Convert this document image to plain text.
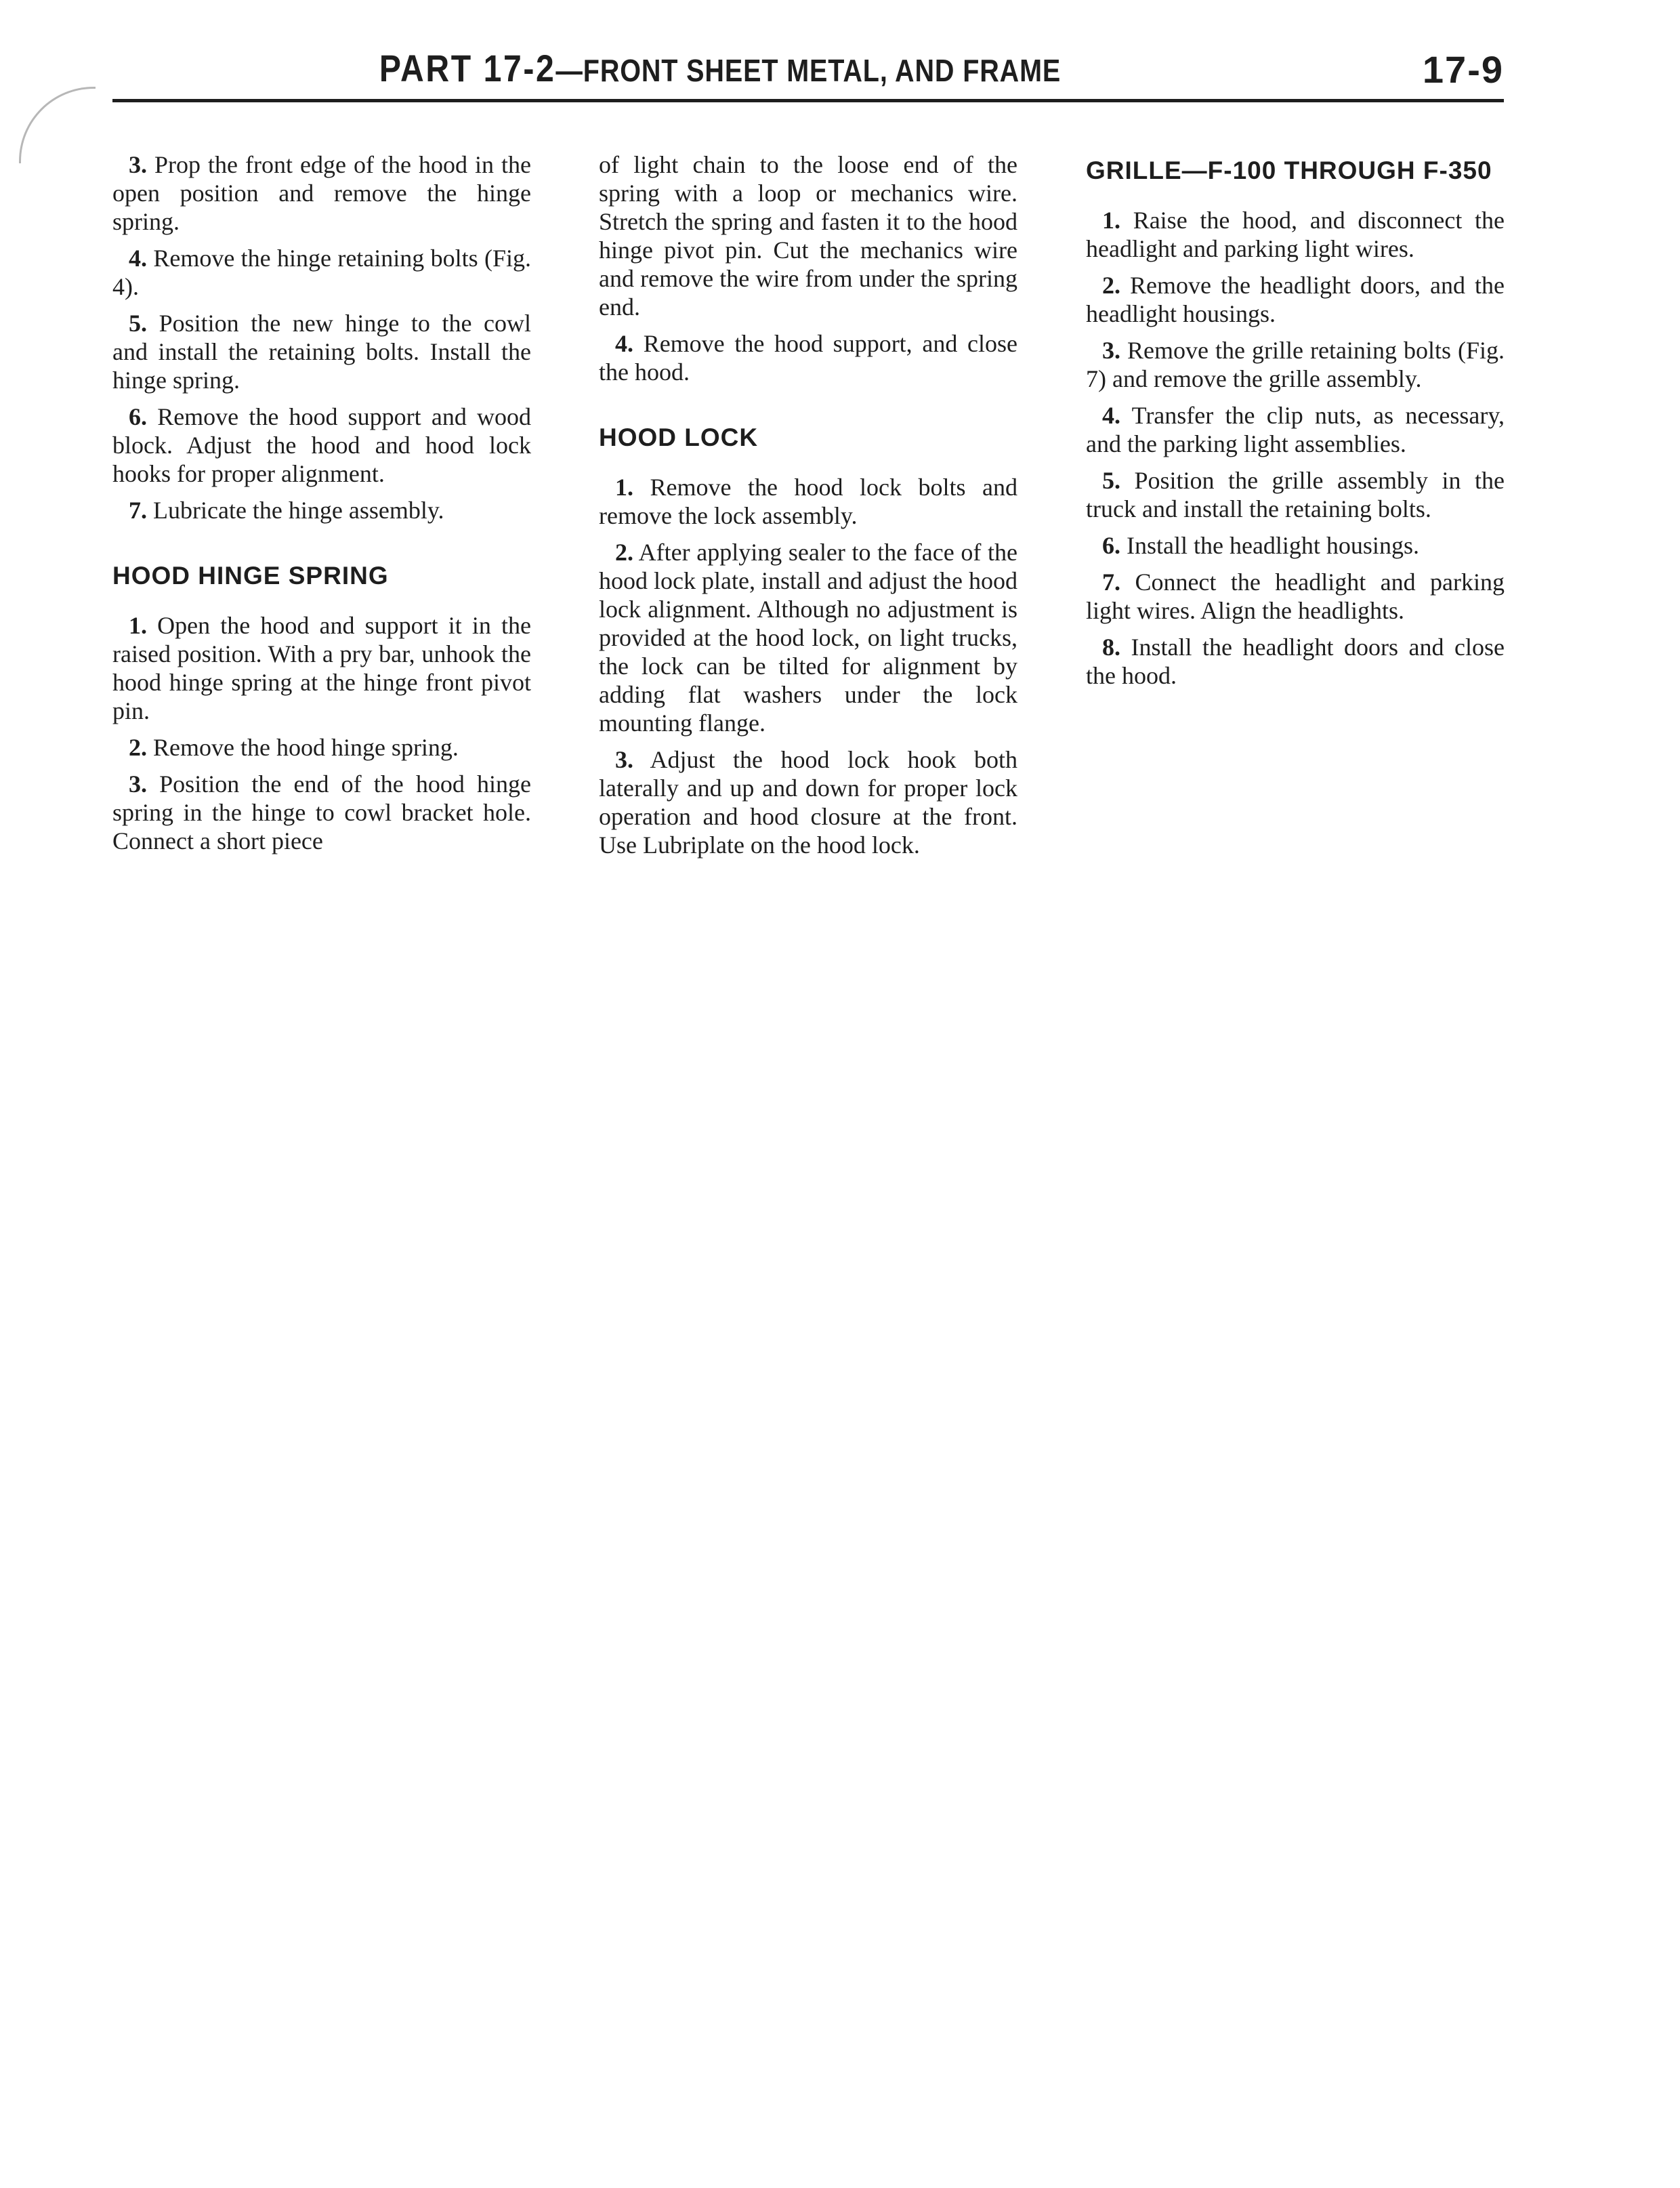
PART 17-2—FRONT SHEET METAL, AND FRAME	17-9

3. Prop the front edge of the hood in the open position and remove the hinge spring.

4. Remove the hinge retaining bolts (Fig. 4).

5. Position the new hinge to the cowl and install the retaining bolts. Install the hinge spring.

6. Remove the hood support and wood block. Adjust the hood and hood lock hooks for proper alignment.

7. Lubricate the hinge assembly.

HOOD HINGE SPRING

1. Open the hood and support it in the raised position. With a pry bar, unhook the hood hinge spring at the hinge front pivot pin.

2. Remove the hood hinge spring.

3. Position the end of the hood hinge spring in the hinge to cowl bracket hole. Connect a short piece

of light chain to the loose end of the spring with a loop or mechanics wire. Stretch the spring and fasten it to the hood hinge pivot pin. Cut the mechanics wire and remove the wire from under the spring end.

4. Remove the hood support, and close the hood.

HOOD LOCK

1. Remove the hood lock bolts and remove the lock assembly.

2. After applying sealer to the face of the hood lock plate, install and adjust the hood lock alignment. Although no adjustment is provided at the hood lock, on light trucks, the lock can be tilted for alignment by adding flat washers under the lock mounting flange.

3. Adjust the hood lock hook both laterally and up and down for proper lock operation and hood closure at the front. Use Lubriplate on the hood lock.

GRILLE—F-100 THROUGH F-350

1. Raise the hood, and disconnect the headlight and parking light wires.

2. Remove the headlight doors, and the headlight housings.

3. Remove the grille retaining bolts (Fig. 7) and remove the grille assembly.

4. Transfer the clip nuts, as necessary, and the parking light assemblies.

5. Position the grille assembly in the truck and install the retaining bolts.

6. Install the headlight housings.

7. Connect the headlight and parking light wires. Align the headlights.

8. Install the headlight doors and close the hood.
